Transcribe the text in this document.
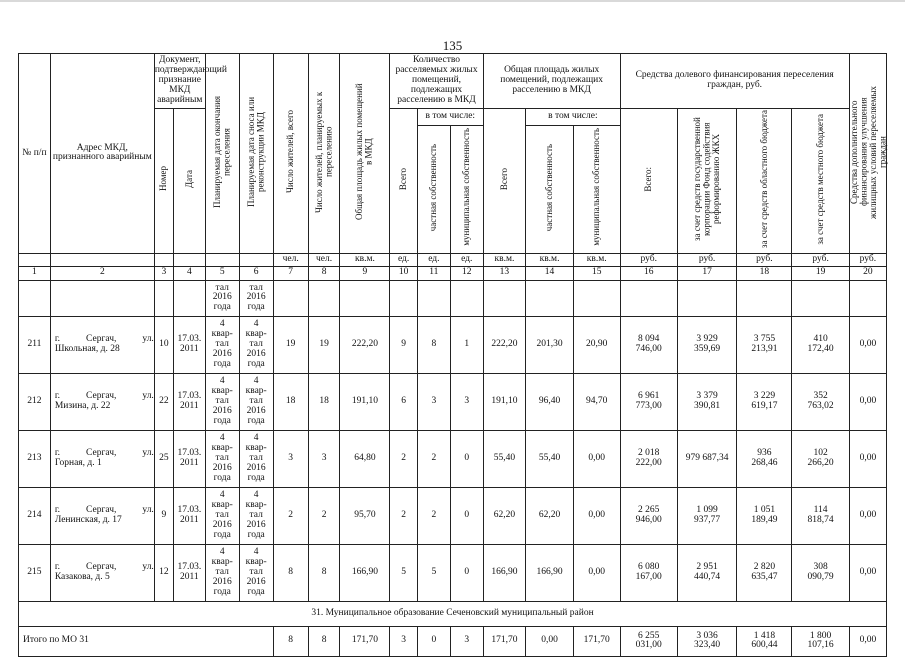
135
№ п/п	Адрес МКД, признанного аварийным	Документ, подтверждающий признание МКД аварийным		Планируемая дата окончания переселения	Планируемая дата сноса или реконструкции МКД	Число жителей, всего	Число жителей, планируемых к переселению	Общая площадь жилых помещений в МКД	Количество расселяемых жилых помещений, подлежащих расселению в МКД			Общая площадь жилых помещений, подлежащих расселению в МКД			Средства долевого финансирования переселения граждан, руб.				Средства дополнительного финансирования улучшения жилищных условий переселяемых граждан
		Номер	Дата						Всего	в том числе:		Всего	в том числе:		Всего:	за счет средств государственной корпорации Фонд содействия реформированию ЖКХ	за счет средств областного бюджета	за счет средств местного бюджета	
										частная собственность	муниципальная собственность		частная собственность	муниципальная собственность					
						чел.	чел.	кв.м.	ед.	ед.	ед.	кв.м.	кв.м.	кв.м.	руб.	руб.	руб.	руб.	руб.
1	2	3	4	5	6	7	8	9	10	11	12	13	14	15	16	17	18	19	20

				тал
2016
года	тал
2016
года														

211	г. Сергач, ул.
Школьная, д. 28	10	17.03.
2011	4
квар-
тал
2016
года	4
квар-
тал
2016
года	19	19	222,20	9	8	1	222,20	201,30	20,90	8 094
746,00	3 929
359,69	3 755
213,91	410
172,40	0,00
212	г. Сергач, ул.
Мизина, д. 22	22	17.03.
2011	4
квар-
тал
2016
года	4
квар-
тал
2016
года	18	18	191,10	6	3	3	191,10	96,40	94,70	6 961
773,00	3 379
390,81	3 229
619,17	352
763,02	0,00
213	г. Сергач, ул.
Горная, д. 1	25	17.03.
2011	4
квар-
тал
2016
года	4
квар-
тал
2016
года	3	3	64,80	2	2	0	55,40	55,40	0,00	2 018
222,00	979 687,34	936
268,46	102
266,20	0,00
214	г. Сергач, ул.
Ленинская, д. 17	9	17.03.
2011	4
квар-
тал
2016
года	4
квар-
тал
2016
года	2	2	95,70	2	2	0	62,20	62,20	0,00	2 265
946,00	1 099
937,77	1 051
189,49	114
818,74	0,00
215	г. Сергач, ул.
Казакова, д. 5	12	17.03.
2011	4
квар-
тал
2016
года	4
квар-
тал
2016
года	8	8	166,90	5	5	0	166,90	166,90	0,00	6 080
167,00	2 951
440,74	2 820
635,47	308
090,79	0,00
31. Муниципальное образование Сеченовский муниципальный район																			
Итого по МО 31						8	8	171,70	3	0	3	171,70	0,00	171,70	6 255
031,00	3 036
323,40	1 418
600,44	1 800
107,16	0,00
